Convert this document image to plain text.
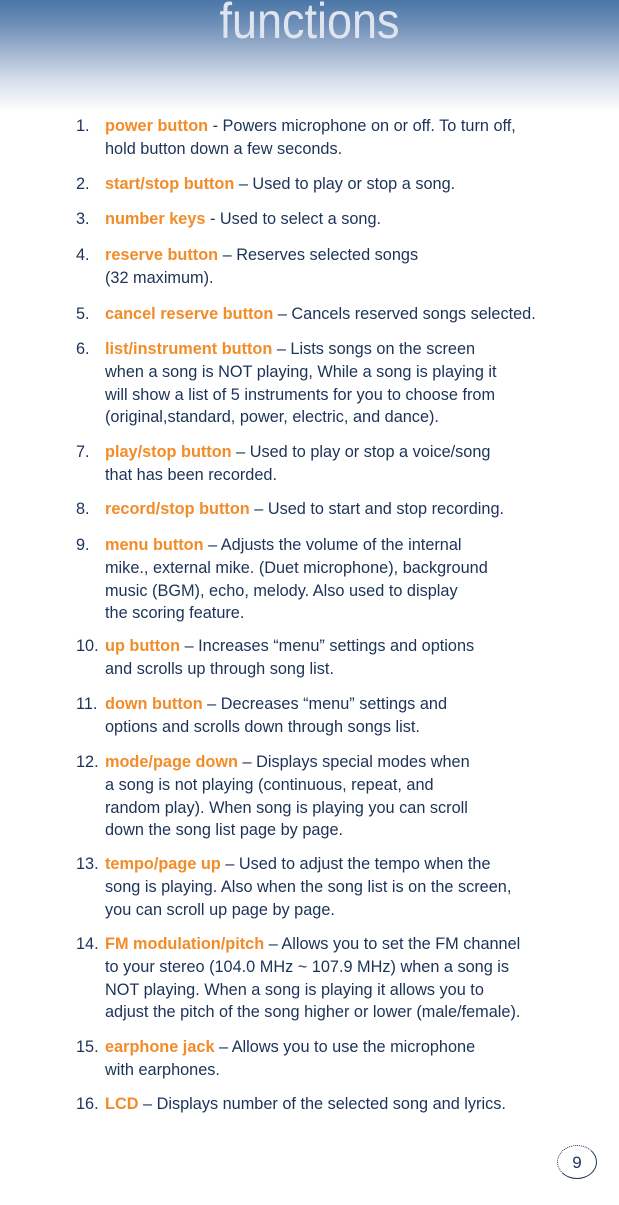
functions
1. power button - Powers microphone on or off. To turn off,
hold button down a few seconds.
2. start/stop button – Used to play or stop a song.
3. number keys - Used to select a song.
4. reserve button – Reserves selected songs
(32 maximum).
5. cancel reserve button – Cancels reserved songs selected.
6. list/instrument button – Lists songs on the screen
when a song is NOT playing, While a song is playing it
will show a list of 5 instruments for you to choose from
(original,standard, power, electric, and dance).
7. play/stop button – Used to play or stop a voice/song
that has been recorded.
8. record/stop button – Used to start and stop recording.
9. menu button – Adjusts the volume of the internal
mike., external mike. (Duet microphone), background
music (BGM), echo, melody. Also used to display
the scoring feature.
10. up button – Increases “menu” settings and options
and scrolls up through song list.
11. down button – Decreases “menu” settings and
options and scrolls down through songs list.
12. mode/page down – Displays special modes when
a song is not playing (continuous, repeat, and
random play). When song is playing you can scroll
down the song list page by page.
13. tempo/page up – Used to adjust the tempo when the
song is playing. Also when the song list is on the screen,
you can scroll up page by page.
14. FM modulation/pitch – Allows you to set the FM channel
to your stereo (104.0 MHz ~ 107.9 MHz) when a song is
NOT playing. When a song is playing it allows you to
adjust the pitch of the song higher or lower (male/female).
15. earphone jack – Allows you to use the microphone
with earphones.
16. LCD – Displays number of the selected song and lyrics.
9
